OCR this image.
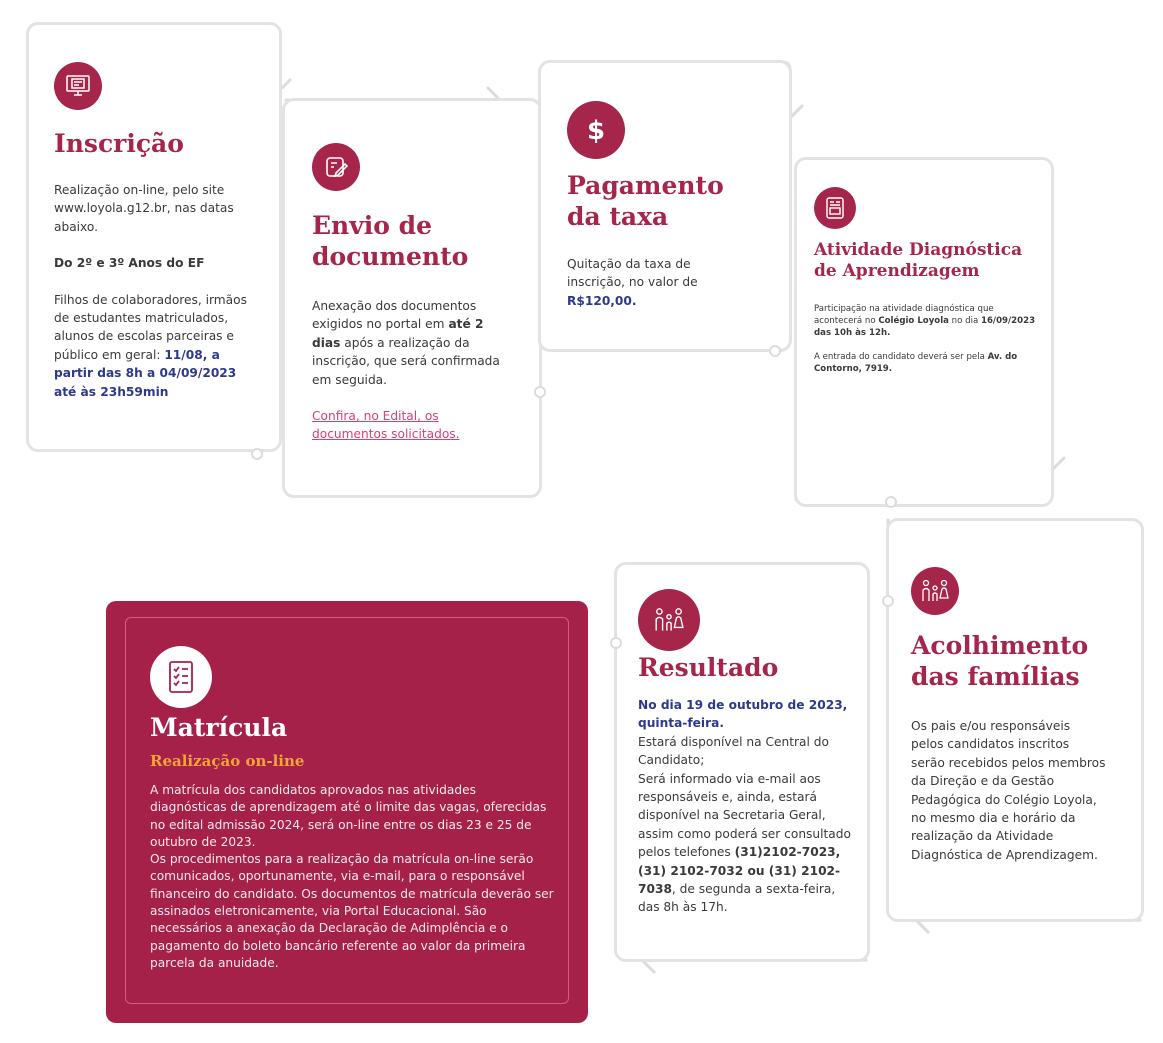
Inscrição

Realização on-line, pelo site www.loyola.g12.br, nas datas abaixo.

Do 2º e 3º Anos do EF

Filhos de colaboradores, irmãos de estudantes matriculados, alunos de escolas parceiras e público em geral: 11/08, a partir das 8h a 04/09/2023 até às 23h59min

Envio de documento

Anexação dos documentos exigidos no portal em até 2 dias após a realização da inscrição, que será confirmada em seguida.

Confira, no Edital, os documentos solicitados.

$
Pagamento da taxa

Quitação da taxa de inscrição, no valor de R$120,00.

Atividade Diagnóstica de Aprendizagem

Participação na atividade diagnóstica que acontecerá no Colégio Loyola no dia 16/09/2023 das 10h às 12h.

A entrada do candidato deverá ser pela Av. do Contorno, 7919.

Acolhimento das famílias

Os pais e/ou responsáveis pelos candidatos inscritos serão recebidos pelos membros da Direção e da Gestão Pedagógica do Colégio Loyola, no mesmo dia e horário da realização da Atividade Diagnóstica de Aprendizagem.

Resultado

No dia 19 de outubro de 2023,

quinta-feira.

Estará disponível na Central do Candidato;

Será informado via e-mail aos responsáveis e, ainda, estará disponível na Secretaria Geral, assim como poderá ser consultado pelos telefones (31)2102-7023, (31) 2102-7032 ou (31) 2102-7038, de segunda a sexta-feira, das 8h às 17h.

Matrícula
Realização on-line

A matrícula dos candidatos aprovados nas atividades diagnósticas de aprendizagem até o limite das vagas, oferecidas no edital admissão 2024, será on-line entre os dias 23 e 25 de outubro de 2023.

Os procedimentos para a realização da matrícula on-line serão comunicados, oportunamente, via e-mail, para o responsável financeiro do candidato. Os documentos de matrícula deverão ser assinados eletronicamente, via Portal Educacional. São necessários a anexação da Declaração de Adimplência e o pagamento do boleto bancário referente ao valor da primeira parcela da anuidade.
